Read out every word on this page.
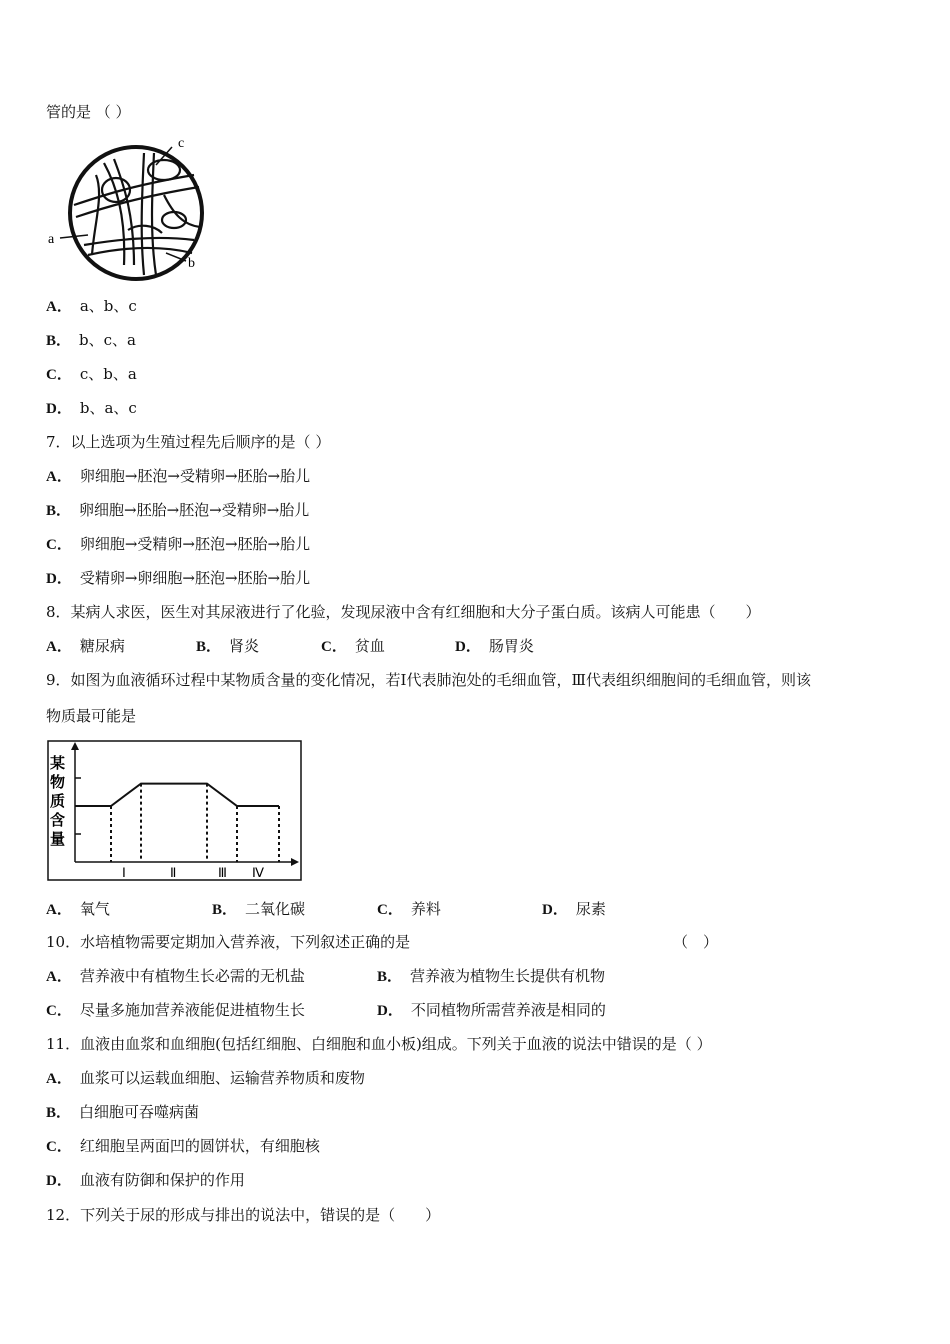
管的是 （ ）
a
c
b
A． a、b、c
B． b、c、a
C． c、b、a
D． b、a、c
7．以上选项为生殖过程先后顺序的是（ ）
A． 卵细胞→胚泡→受精卵→胚胎→胎儿
B． 卵细胞→胚胎→胚泡→受精卵→胎儿
C． 卵细胞→受精卵→胚泡→胚胎→胎儿
D． 受精卵→卵细胞→胚泡→胚胎→胎儿
8．某病人求医，医生对其尿液进行了化验，发现尿液中含有红细胞和大分子蛋白质。该病人可能患（　　）
A． 糖尿病	B． 肾炎	C． 贫血	D． 肠胃炎
9．如图为血液循环过程中某物质含量的变化情况，若Ⅰ代表肺泡处的毛细血管，Ⅲ代表组织细胞间的毛细血管，则该
物质最可能是
某
物
质
含
量
Ⅰ	Ⅱ	Ⅲ Ⅳ
A． 氧气	B． 二氧化碳	C． 养料	D． 尿素
10．水培植物需要定期加入营养液，下列叙述正确的是	（　）
A． 营养液中有植物生长必需的无机盐	B． 营养液为植物生长提供有机物
C． 尽量多施加营养液能促进植物生长	D． 不同植物所需营养液是相同的
11．血液由血浆和血细胞(包括红细胞、白细胞和血小板)组成。下列关于血液的说法中错误的是（ ）
A． 血浆可以运载血细胞、运输营养物质和废物
B． 白细胞可吞噬病菌
C． 红细胞呈两面凹的圆饼状，有细胞核
D． 血液有防御和保护的作用
12．下列关于尿的形成与排出的说法中，错误的是（　　）
